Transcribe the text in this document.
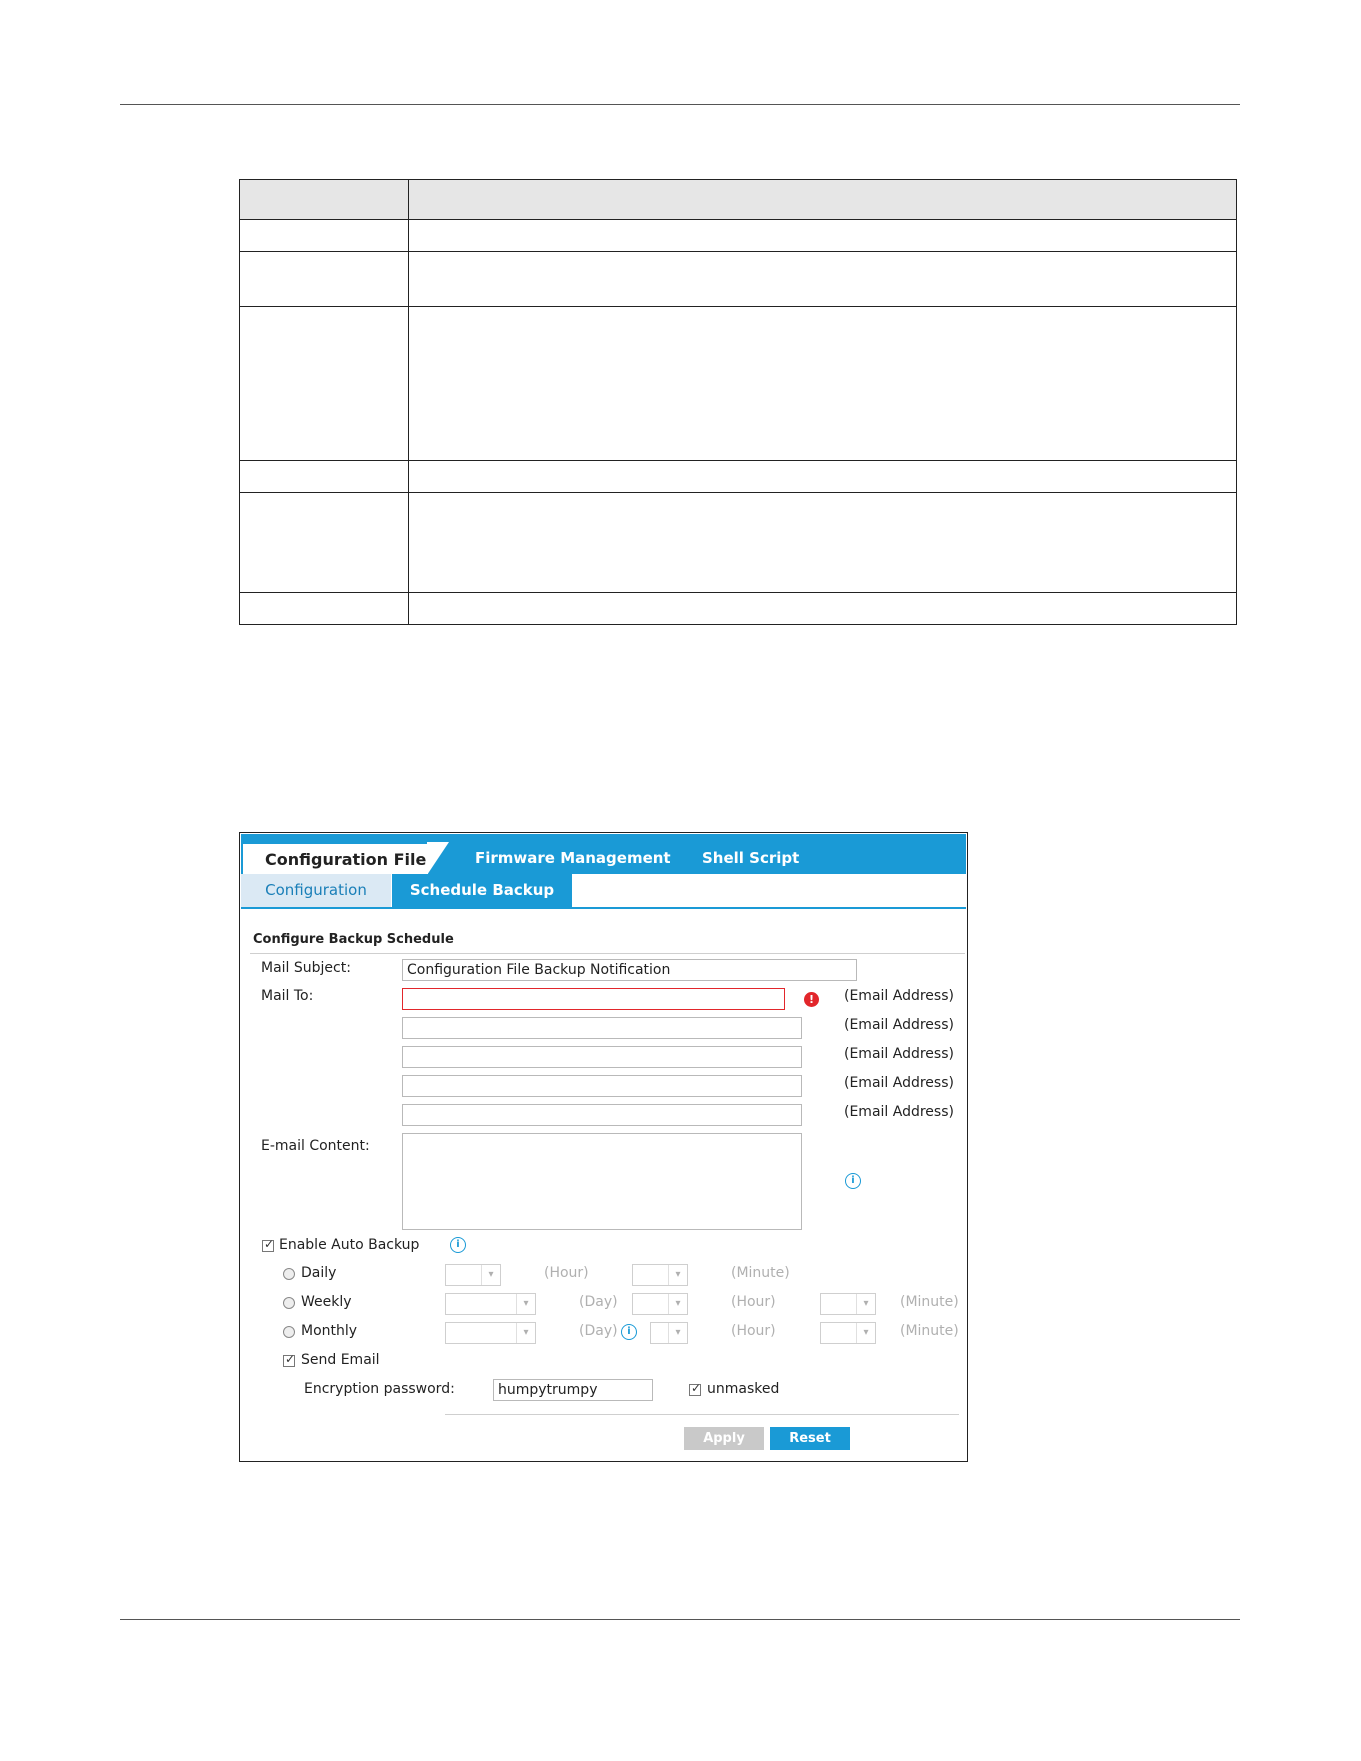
Configuration File	Firmware Management Shell Script
Configuration	Schedule Backup
Configure Backup Schedule
Mail Subject:
Configuration File Backup Notification
Mail To:	!	(Email Address)
(Email Address)
(Email Address)
(Email Address)
(Email Address)
E-mail Content:
i
✓ Enable Auto Backup	i
Daily	▾	(Hour)	▾	(Minute)
Weekly	▾	(Day)	▾	(Hour)	▾	(Minute)
Monthly	▾	(Day) i	▾	(Hour)	▾	(Minute)
✓ Send Email
Encryption password:
humpytrumpy	✓ unmasked
Apply	Reset
